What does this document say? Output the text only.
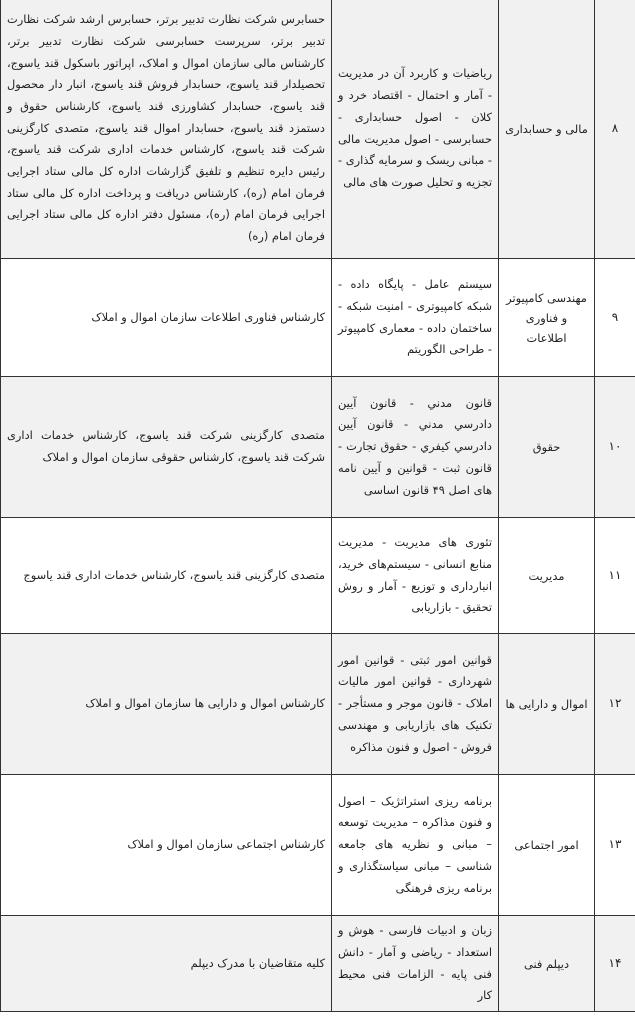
۸	مالی و حسابداری	ریاضیات و کاربرد آن در مدیریت - آمار و احتمال - اقتصاد خرد و کلان - اصول حسابداری - حسابرسی - اصول مدیریت مالی - مبانی ریسک و سرمایه گذاری - تجزیه و تحلیل صورت های مالی	حسابرس شرکت نظارت تدبیر برتر، حسابرس ارشد شرکت نظارت تدبیر برتر، سرپرست حسابرسی شرکت نظارت تدبیر برتر، کارشناس مالی سازمان اموال و املاک، اپراتور باسکول قند یاسوج، تحصیلدار قند یاسوج، حسابدار فروش قند یاسوج، انبار دار محصول قند یاسوج، حسابدار کشاورزی قند یاسوج، کارشناس حقوق و دستمزد قند یاسوج، حسابدار اموال قند یاسوج، متصدی کارگزینی شرکت قند یاسوج، کارشناس خدمات اداری شرکت قند یاسوج، رئیس دایره تنظیم و تلفیق گزارشات اداره کل مالی ستاد اجرایی فرمان امام (ره)، کارشناس دریافت و پرداخت اداره کل مالی ستاد اجرایی فرمان امام (ره)، مسئول دفتر اداره کل مالی ستاد اجرایی فرمان امام (ره)
۹	مهندسی کامپیوتر و فناوری اطلاعات	سیستم عامل - پایگاه داده - شبکه کامپیوتری - امنیت شبکه - ساختمان داده - معماری کامپیوتر - طراحی الگوریتم	کارشناس فناوری اطلاعات سازمان اموال و املاک
۱۰	حقوق	قانون مدني - قانون آيين دادرسي مدني - قانون آيين دادرسي كيفري - حقوق تجارت - قانون ثبت - قوانین و آیین نامه های اصل ۴۹ قانون اساسی	متصدی کارگزینی شرکت قند یاسوج، کارشناس خدمات اداری شرکت قند یاسوج، کارشناس حقوقی سازمان اموال و املاک
۱۱	مدیریت	تئوری های مدیریت - مدیریت منابع انسانی - سیستم‌های خرید، انبارداری و توزیع - آمار و روش تحقیق - بازاریابی	متصدی کارگزینی قند یاسوج، کارشناس خدمات اداری قند یاسوج
۱۲	اموال و دارایی ها	قوانین امور ثبتی - قوانین امور شهرداری - قوانین امور مالیات املاک - قانون موجر و مستأجر - تکنیک های بازاریابی و مهندسی فروش - اصول و فنون مذاکره	کارشناس اموال و دارایی ها سازمان اموال و املاک
۱۳	امور اجتماعی	برنامه ریزی استراتژیک – اصول و فنون مذاکره – مدیریت توسعه – مبانی و نظریه های جامعه شناسی – مبانی سیاستگذاری و برنامه ریزی فرهنگی	کارشناس اجتماعی سازمان اموال و املاک
۱۴	دیپلم فنی	زبان و ادبیات فارسی - هوش و استعداد - ریاضی و آمار - دانش فنی پایه - الزامات فنی محیط کار	کلیه متقاضیان با مدرک دیپلم
